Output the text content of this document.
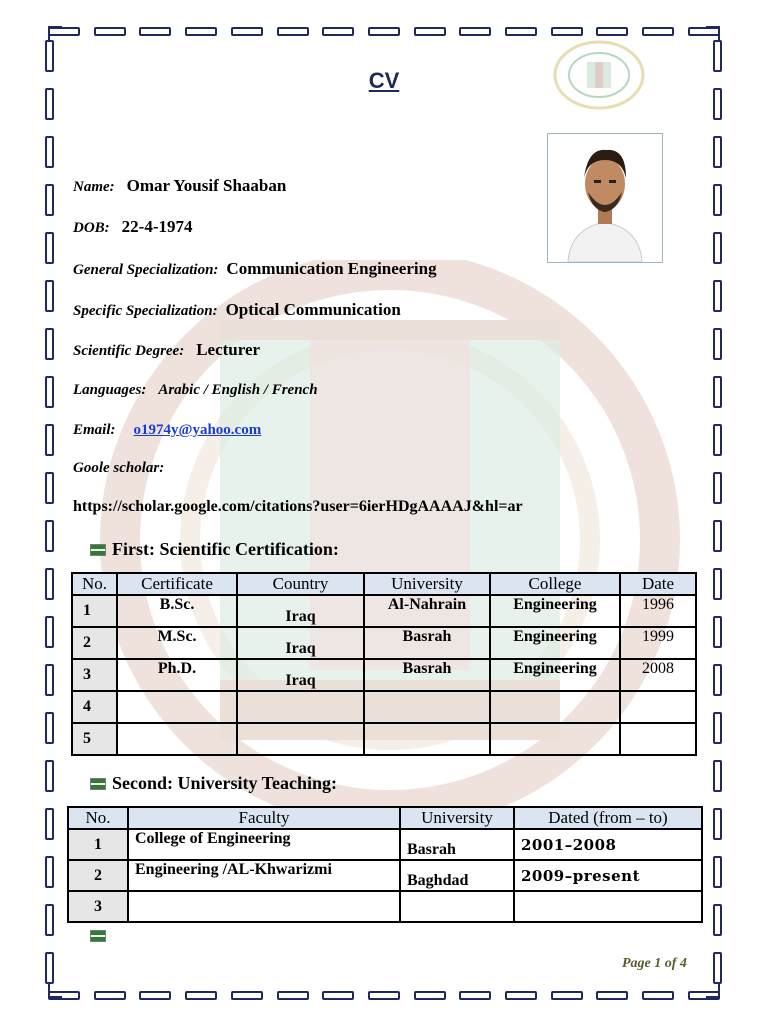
CV
Name: Omar Yousif Shaaban
DOB: 22-4-1974
General Specialization: Communication Engineering
Specific Specialization: Optical Communication
Scientific Degree: Lecturer
Languages: Arabic / English / French
Email: o1974y@yahoo.com
Goole scholar:
https://scholar.google.com/citations?user=6ierHDgAAAAJ&hl=ar
First: Scientific Certification:
No.	Certificate	Country	University	College	Date
1	B.Sc.	Iraq	Al-Nahrain	Engineering	1996
2	M.Sc.	Iraq	Basrah	Engineering	1999
3	Ph.D.	Iraq	Basrah	Engineering	2008
4					
5					
Second: University Teaching:
No.	Faculty	University	Dated (from – to)
1	College of Engineering	Basrah	2001–2008
2	Engineering /AL-Khwarizmi	Baghdad	2009–present
3			
Page 1 of 4
